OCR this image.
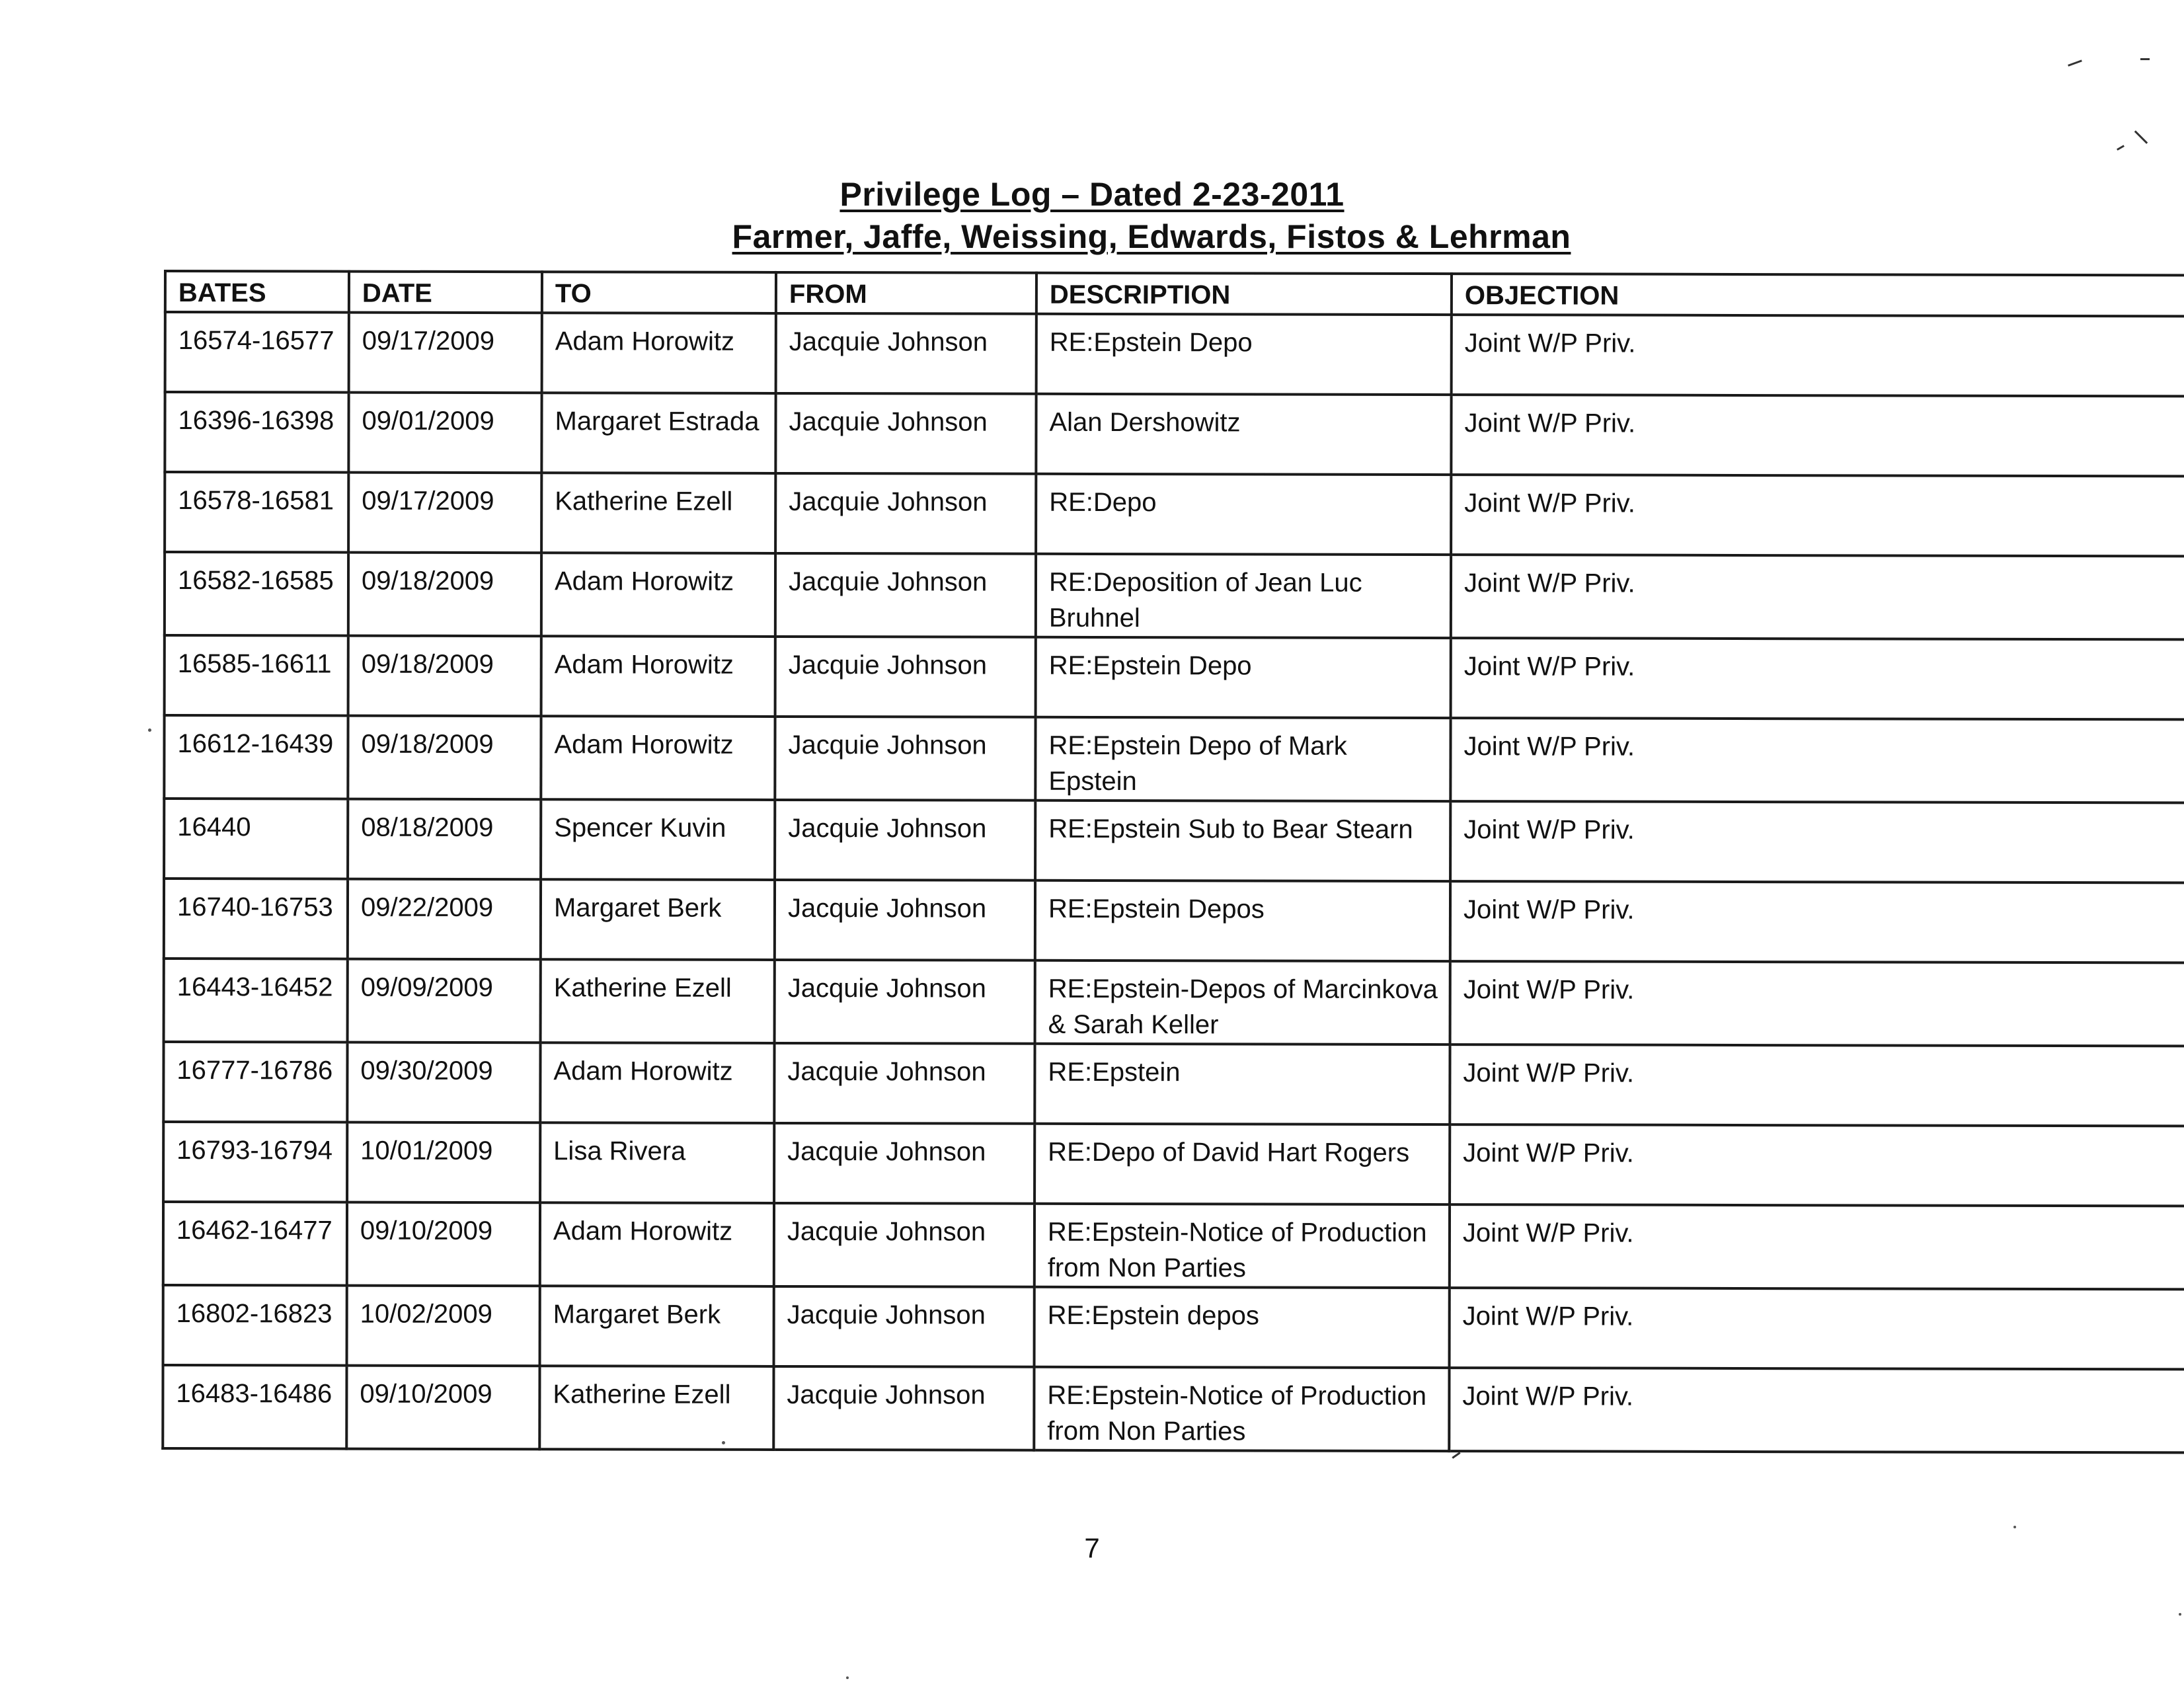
Privilege Log – Dated 2-23-2011
Farmer, Jaffe, Weissing, Edwards, Fistos & Lehrman
BATES	DATE	TO	FROM	DESCRIPTION	OBJECTION
16574-16577	09/17/2009	Adam Horowitz	Jacquie Johnson	RE:Epstein Depo	Joint W/P Priv.
16396-16398	09/01/2009	Margaret Estrada	Jacquie Johnson	Alan Dershowitz	Joint W/P Priv.
16578-16581	09/17/2009	Katherine Ezell	Jacquie Johnson	RE:Depo	Joint W/P Priv.
16582-16585	09/18/2009	Adam Horowitz	Jacquie Johnson	RE:Deposition of Jean Luc Bruhnel	Joint W/P Priv.
16585-16611	09/18/2009	Adam Horowitz	Jacquie Johnson	RE:Epstein Depo	Joint W/P Priv.
16612-16439	09/18/2009	Adam Horowitz	Jacquie Johnson	RE:Epstein Depo of Mark Epstein	Joint W/P Priv.
16440	08/18/2009	Spencer Kuvin	Jacquie Johnson	RE:Epstein Sub to Bear Stearn	Joint W/P Priv.
16740-16753	09/22/2009	Margaret Berk	Jacquie Johnson	RE:Epstein Depos	Joint W/P Priv.
16443-16452	09/09/2009	Katherine Ezell	Jacquie Johnson	RE:Epstein-Depos of Marcinkova & Sarah Keller	Joint W/P Priv.
16777-16786	09/30/2009	Adam Horowitz	Jacquie Johnson	RE:Epstein	Joint W/P Priv.
16793-16794	10/01/2009	Lisa Rivera	Jacquie Johnson	RE:Depo of David Hart Rogers	Joint W/P Priv.
16462-16477	09/10/2009	Adam Horowitz	Jacquie Johnson	RE:Epstein-Notice of Production from Non Parties	Joint W/P Priv.
16802-16823	10/02/2009	Margaret Berk	Jacquie Johnson	RE:Epstein depos	Joint W/P Priv.
16483-16486	09/10/2009	Katherine Ezell	Jacquie Johnson	RE:Epstein-Notice of Production from Non Parties	Joint W/P Priv.
7
